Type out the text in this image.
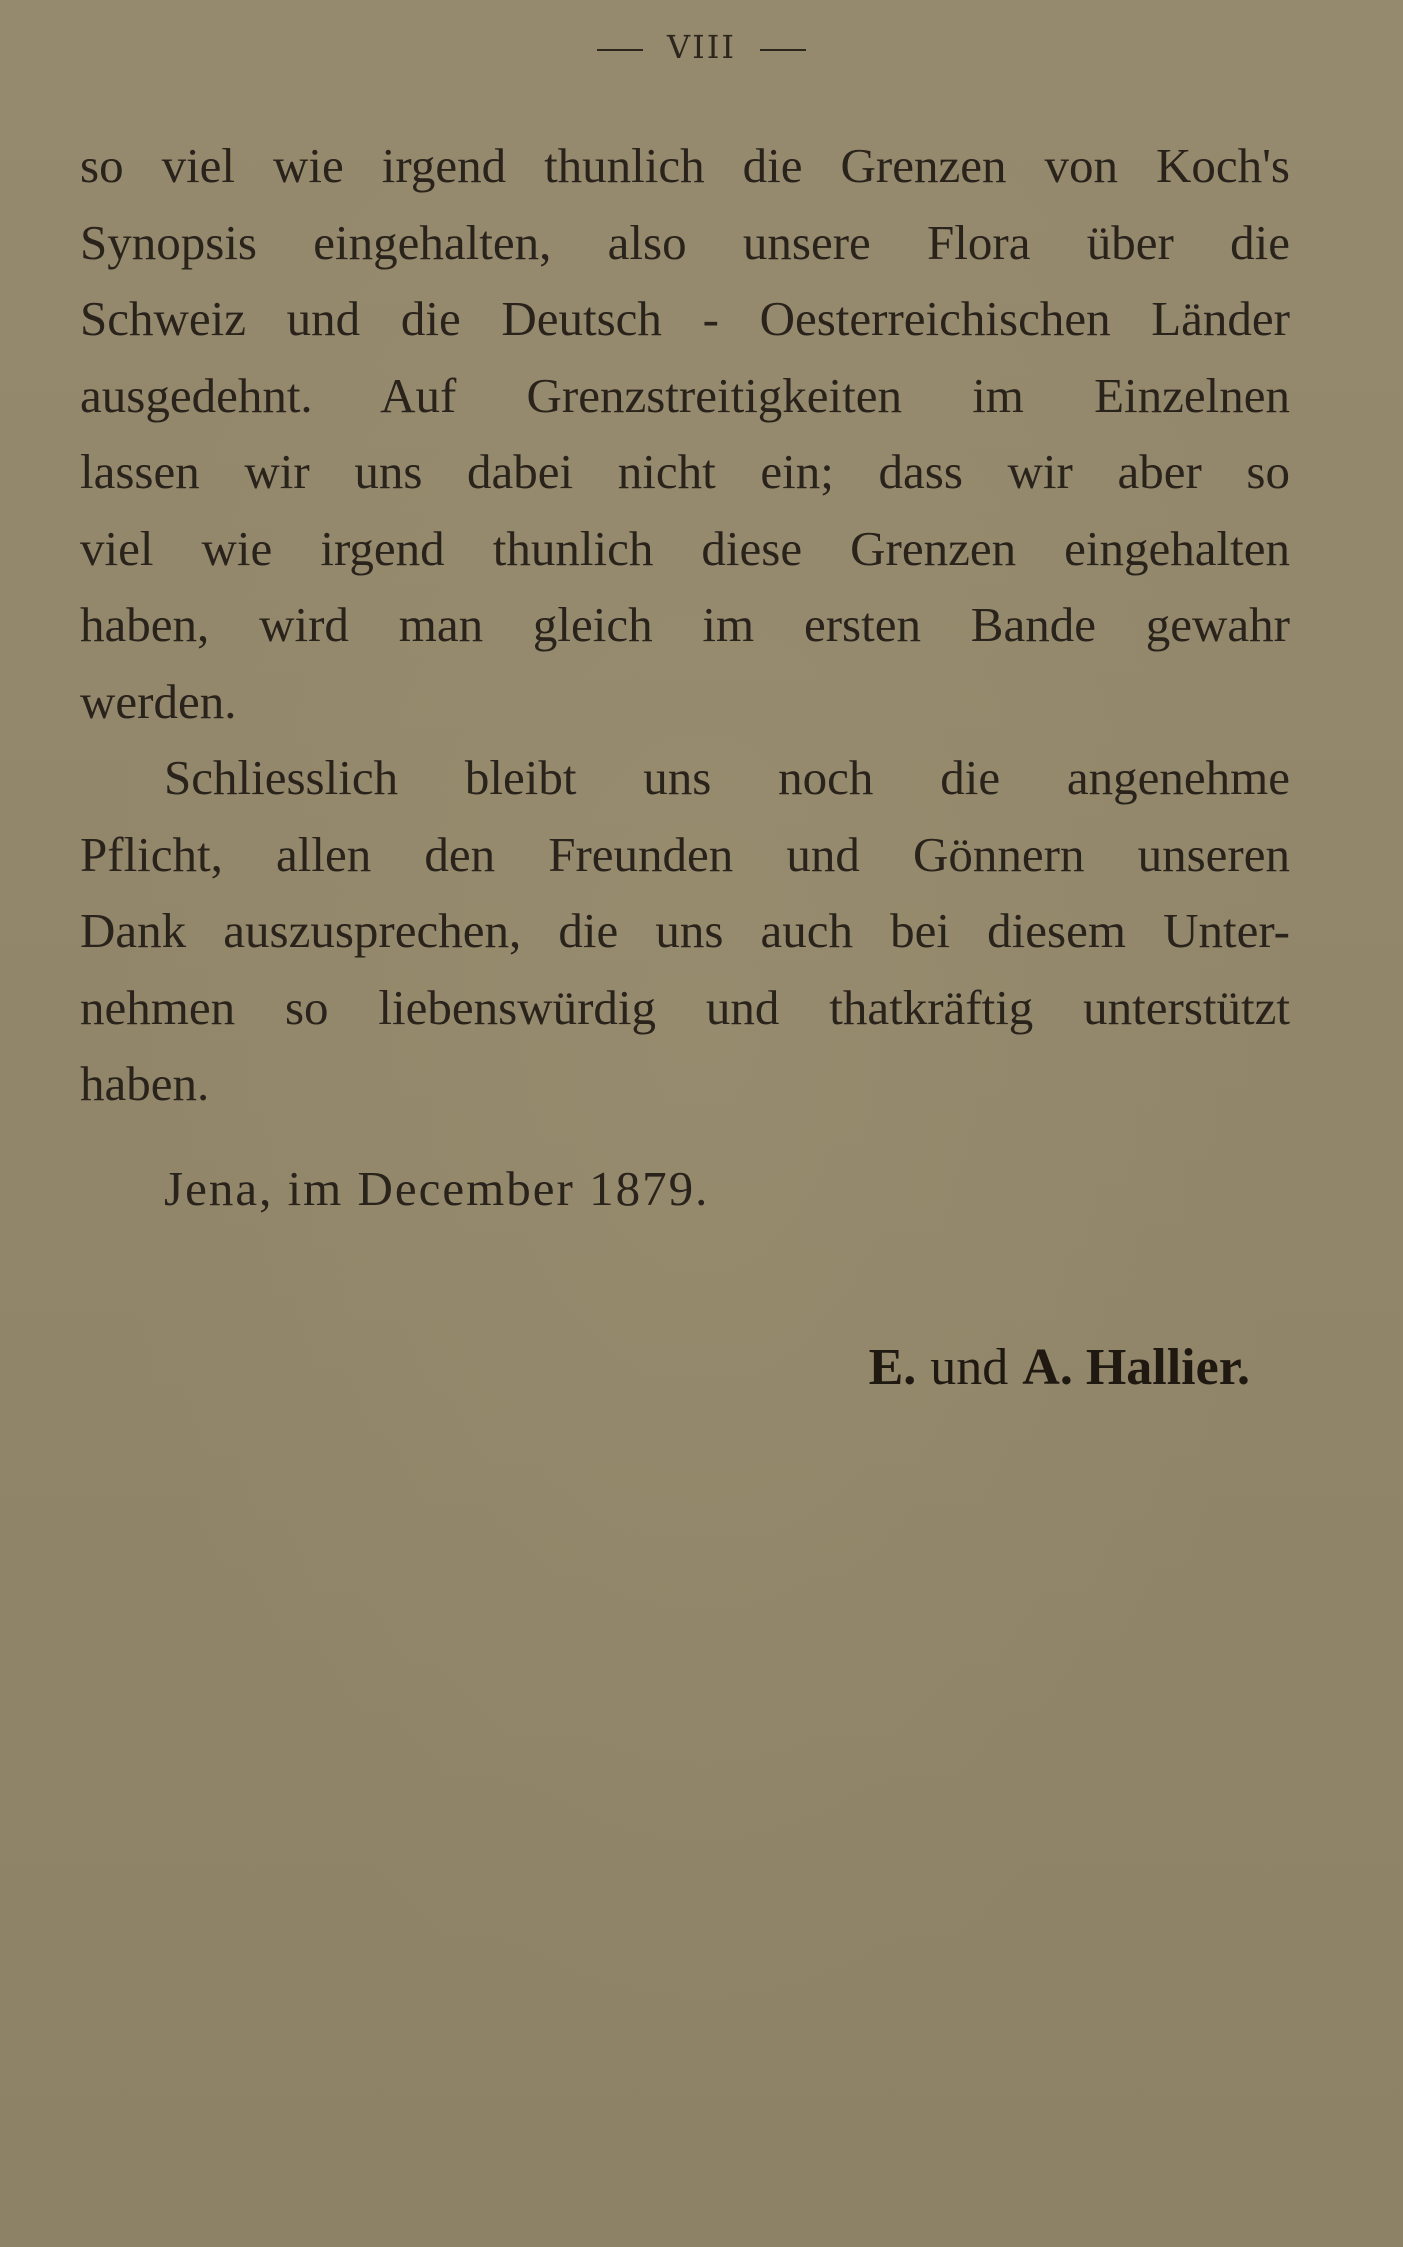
VIII
so viel wie irgend thunlich die Grenzen von Koch's
Synopsis eingehalten, also unsere Flora über die
Schweiz und die Deutsch - Oesterreichischen Länder
ausgedehnt. Auf Grenzstreitigkeiten im Einzelnen
lassen wir uns dabei nicht ein; dass wir aber so
viel wie irgend thunlich diese Grenzen eingehalten
haben, wird man gleich im ersten Bande gewahr
werden.
Schliesslich bleibt uns noch die angenehme
Pflicht, allen den Freunden und Gönnern unseren
Dank auszusprechen, die uns auch bei diesem Unter-
nehmen so liebenswürdig und thatkräftig unterstützt
haben.
Jena, im December 1879.
E. und A. Hallier.
